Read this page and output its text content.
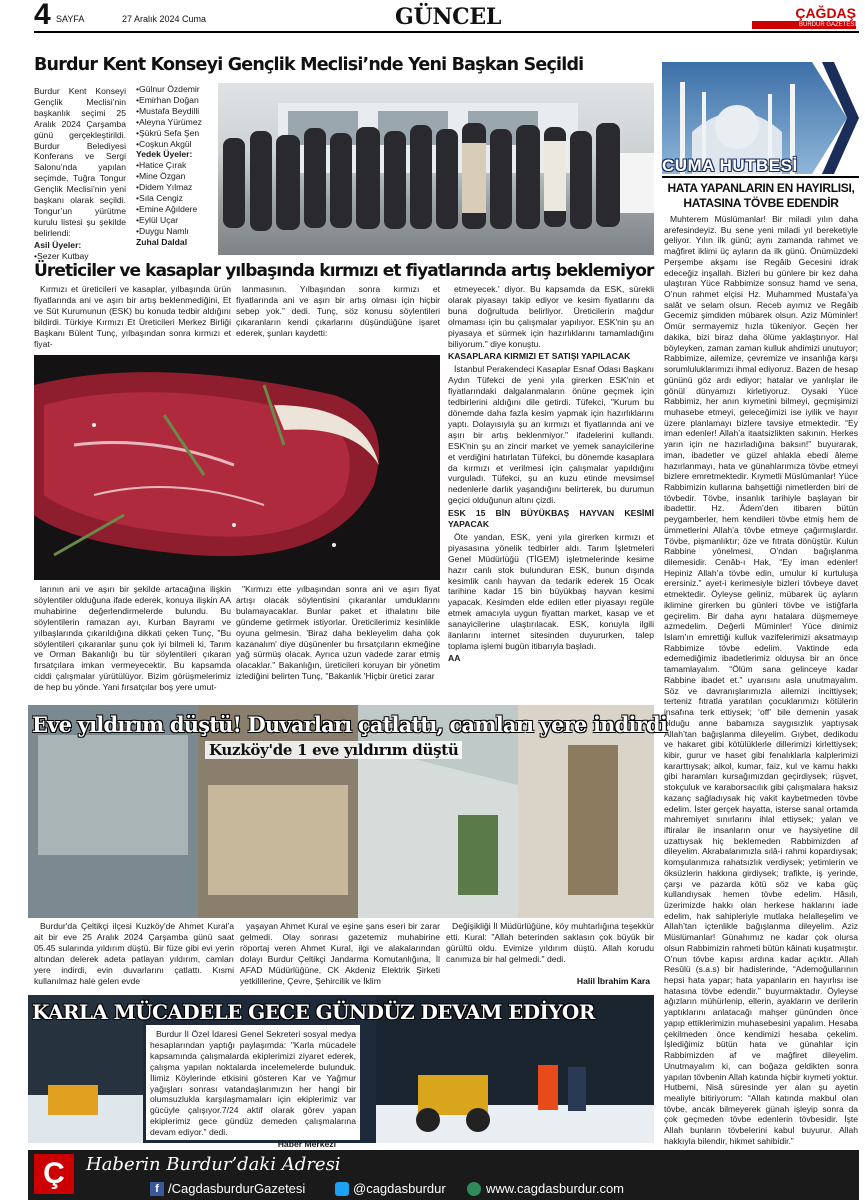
4 SAYFA	27 Aralık 2024 Cuma	GÜNCEL	ÇAĞDAŞ
BURDUR GAZETESİ
Burdur Kent Konseyi Gençlik Meclisi’nde Yeni Başkan Seçildi

Burdur Kent Konseyi Gençlik Meclisi’nin başkanlık seçimi 25 Aralık 2024 Çarşamba günü gerçekleştirildi. Burdur Belediyesi Konferans ve Sergi Salonu’nda yapılan seçimde, Tuğra Tongur Gençlik Meclisi’nin yeni başkanı olarak seçildi. Tongur’un yürütme kurulu listesi şu şekilde belirlendi:

Asil Üyeler:
•Sezer Kutbay
•Gülnur Özdemir
•Emirhan Doğan
•Mustafa Beydilli
•Aleyna Yürümez
•Şükrü Sefa Şen
•Coşkun Akgül
Yedek Üyeler:
•Hatice Çırak
•Mine Özgan
•Didem Yılmaz
•Sıla Cengiz
•Emine Ağıldere
•Eylül Uçar
•Duygu Namlı
Zuhal Daldal
CUMA HUTBESİ
HATA YAPANLARIN EN HAYIRLISI, HATASINA TÖVBE EDENDİR

Muhterem Müslümanlar! Bir miladi yılın daha arefesindeyiz. Bu sene yeni miladi yıl bereketiyle geliyor. Yılın ilk günü; aynı zamanda rahmet ve mağfiret iklimi üç ayların da ilk günü. Önümüzdeki Perşembe akşamı ise Regâib Gecesini idrak edeceğiz inşallah. Bizleri bu günlere bir kez daha ulaştıran Yüce Rabbimize sonsuz hamd ve sena, O’nun rahmet elçisi Hz. Muhammed Mustafa’ya salât ve selam olsun. Receb ayımız ve Regâib Gecemiz şimdiden mübarek olsun. Aziz Müminler! Ömür sermayemiz hızla tükeniyor. Geçen her dakika, bizi biraz daha ölüme yaklaştırıyor. Hal böyleyken, zaman zaman kulluk ahdimizi unutuyor; Rabbimize, ailemize, çevremize ve insanlığa karşı sorumluluklarımızı ihmal ediyoruz. Bazen de hesap gününü göz ardı ediyor; hatalar ve yanlışlar ile gönül dünyamızı kirletiyoruz. Oysaki Yüce Rabbimiz, her anın kıymetini bilmeyi, geçmişimizi muhasebe etmeyi, geleceğimizi ise iyilik ve hayır üzere planlamayı bizlere tavsiye etmektedir. “Ey iman edenler! Allah’a itaatsizlikten sakının. Herkes yarın için ne hazırladığına baksın!” buyurarak, iman, ibadetler ve güzel ahlakla ebedi âleme hazırlanmayı, hata ve günahlarımıza tövbe etmeyi bizlere emretmektedir. Kıymetli Müslümanlar! Yüce Rabbimizin kullarına bahşettiği nimetlerden biri de tövbedir. Tövbe, insanlık tarihiyle başlayan bir ibadettir. Hz. Âdem’den itibaren bütün peygamberler, hem kendileri tövbe etmiş hem de ümmetlerini Allah’a tövbe etmeye çağırmışlardır. Tövbe, pişmanlıktır; öze ve fıtrata dönüştür. Kulun Rabbine yönelmesi, O’ndan bağışlanma dilemesidir. Cenâb-ı Hak, “Ey iman edenler! Hepiniz Allah’a tövbe edin, umulur ki kurtuluşa erersiniz.” ayet-i kerimesiyle bizleri tövbeye davet etmektedir. Öyleyse geliniz, mübarek üç ayların iklimine girerken bu günleri tövbe ve istiğfarla geçirelim. Bir daha aynı hatalara düşmemeye azmedelim. Değerli Müminler! Yüce dinimiz İslam’ın emrettiği kulluk vazifelerimizi aksatmayıp Rabbimize tövbe edelim. Vaktinde eda edemediğimiz ibadetlerimiz olduysa bir an önce tamamlayalım. “Ölüm sana gelinceye kadar Rabbine ibadet et.” uyarısını asla unutmayalım. Söz ve davranışlarımızla ailemizi incittiysek; terteniz fıtratla yaratılan çocuklarımızı kötülerin insafına terk ettiysek; ‘off’ bile demenin yasak olduğu anne babamıza saygısızlık yaptıysak Allah’tan bağışlanma dileyelim. Gıybet, dedikodu ve hakaret gibi kötülüklerle dillerimizi kirlettiysek; kibir, gurur ve haset gibi fenalıklarla kalplerimizi kararttıysak; alkol, kumar, faiz, kul ve kamu hakkı gibi haramları kursağımızdan geçirdiysek; rüşvet, stokçuluk ve karaborsacılık gibi çalışmalara haksız kazanç sağladıysak hiç vakit kaybetmeden tövbe edelim. İster gerçek hayatta, isterse sanal ortamda mahremiyet sınırlarını ihlal ettiysek; yalan ve iftiralar ile insanların onur ve haysiyetine dil uzattıysak hiç beklemeden Rabbimizden af dileyelim. Akrabalarımızla sılâ-i rahmi kopardıysak; komşularımıza rahatsızlık verdiysek; yetimlerin ve öksüzlerin hakkına girdiysek; trafikte, iş yerinde, çarşı ve pazarda kötü söz ve kaba güç kullandıysak hemen tövbe edelim. Hâsılı, üzerimizde hakkı olan herkese haklarını iade edelim, hak sahipleriyle mutlaka helalleşelim ve Allah’tan içtenlikle bağışlanma dileyelim. Aziz Müslümanlar! Günahımız ne kadar çok olursa olsun Rabbimizin rahmeti bütün kâinatı kuşatmıştır. O’nun tövbe kapısı ardına kadar açıktır. Allah Resûlü (s.a.s) bir hadislerinde, “Ademoğullarının hepsi hata yapar; hata yapanların en hayırlısı ise hatasına tövbe edendir.” buyurmaktadır. Öyleyse ağızların mühürlenip, ellerin, ayakların ve derilerin yaptıklarını anlatacağı mahşer gününden önce yapıp ettiklerimizin muhasebesini yapalım. Hesaba çekilmeden önce kendimizi hesaba çekelim. İşlediğimiz bütün hata ve günahlar için Rabbimizden af ve mağfiret dileyelim. Unutmayalım ki, can boğaza geldikten sonra yapılan tövbenin Allah katında hiçbir kıymeti yoktur. Hutbemi, Nisâ süresinde yer alan şu ayetin mealiyle bitiriyorum: “Allah katında makbul olan tövbe, ancak bilmeyerek günah işleyip sonra da çok geçmeden tövbe edenlerin tövbesidir. İşte Allah bunların tövbelerini kabul buyurur. Allah hakkıyla bilendir, hikmet sahibidir.”

Üreticiler ve kasaplar yılbaşında kırmızı et fiyatlarında artış beklemiyor

Kırmızı et üreticileri ve kasaplar, yılbaşında ürün fiyatlarında ani ve aşırı bir artış beklenmediğini, Et ve Süt Kurumunun (ESK) bu konuda tedbir aldığını bildirdi. Türkiye Kırmızı Et Üreticileri Merkez Birliği Başkanı Bülent Tunç, yılbaşından sonra kırmızı et fiyat-

lanmasının. Yılbaşından sonra kırmızı et fiyatlarında ani ve aşırı bir artış olması için hiçbir sebep yok.” dedi. Tunç, söz konusu söylentileri çıkaranların kendi çıkarlarını düşündüğüne işaret ederek, şunları kaydetti:

larının ani ve aşırı bir şekilde artacağına ilişkin söylentiler olduğuna ifade ederek, konuya ilişkin AA muhabirine değerlendirmelerde bulundu. Bu söylentilerin ramazan ayı, Kurban Bayramı ve yılbaşlarında çıkarıldığına dikkati çeken Tunç, "Bu söylentileri çıkaranlar şunu çok iyi bilmeli ki, Tarım ve Orman Bakanlığı bu tür söylentileri çıkaran fırsatçılara imkan vermeyecektir. Bu kapsamda ciddi çalışmalar yürütülüyor. Bizim görüşmelerimiz de hep bu yönde. Yani fırsatçılar boş yere umut-

"Kırmızı ette yılbaşından sonra ani ve aşırı fiyat artışı olacak söylentisini çıkaranlar umduklarını bulamayacaklar. Bunlar paket et ithalatını bile gündeme getirmek istiyorlar. Üreticilerimiz kesinlikle oyuna gelmesin. 'Biraz daha bekleyelim daha çok kazanalım' diye düşünenler bu fırsatçıların ekmeğine yağ sürmüş olacak. Ayrıca uzun vadede zarar etmiş olacaklar." Bakanlığın, üreticileri koruyan bir yönetim izlediğini belirten Tunç, "Bakanlık 'Hiçbir üretici zarar

etmeyecek.' diyor. Bu kapsamda da ESK, sürekli olarak piyasayı takip ediyor ve kesim fiyatlarını da buna doğrultuda belirliyor. Üreticilerin mağdur olmaması için bu çalışmalar yapılıyor. ESK'nin şu an piyasaya et sürmek için hazırlıklarını tamamladığını biliyorum." diye konuştu.

KASAPLARA KIRMIZI ET SATIŞI YAPILACAK

İstanbul Perakendeci Kasaplar Esnaf Odası Başkanı Aydın Tüfekci de yeni yıla girerken ESK'nin et fiyatlarındaki dalgalanmaların önüne geçmek için tedbirlerini aldığını dile getirdi. Tüfekci, "Kurum bu dönemde daha fazla kesim yapmak için hazırlıklarını yaptı. Dolayısıyla şu an kırmızı et fiyatlarında ani ve aşırı bir artış beklenmiyor." ifadelerini kullandı. ESK'nin şu an zincir market ve yemek sanayicilerine et verdiğini hatırlatan Tüfekci, bu dönemde kasaplara da kırmızı et verilmesi için çalışmalar yapıldığını vurguladı. Tüfekci, şu an kuzu etinde mevsimsel nedenlerle darlık yaşandığını belirterek, bu durumun geçici olduğunun altını çizdi.

ESK 15 BİN BÜYÜKBAŞ HAYVAN KESİMİ YAPACAK

Öte yandan, ESK, yeni yıla girerken kırmızı et piyasasına yönelik tedbirler aldı. Tarım İşletmeleri Genel Müdürlüğü (TİGEM) işletmelerinde kesime hazır canlı stok bulunduran ESK, bunun dışında kesimlik canlı hayvan da tedarik ederek 15 Ocak tarihine kadar 15 bin büyükbaş hayvan kesimi yapacak. Kesimden elde edilen etler piyasayı regüle etmek amacıyla uygun fiyattan market, kasap ve et sanayicilerine ulaştırılacak. ESK, konuyla ilgili ilanlarını internet sitesinden duyururken, talep toplama işlemi bugün itibarıyla başladı.

AA
Eve yıldırım düştü! Duvarları çatlattı, camları yere indirdi
Kuzköy'de 1 eve yıldırım düştü

Burdur'da Çeltikçi ilçesi Kuzköy'de Ahmet Kural'a ait bir eve 25 Aralık 2024 Çarşamba günü saat 05.45 sularında yıldırım düştü. Bir füze gibi evi yerin altından delerek adeta patlayan yıldırım, camları yere indirdi, evin duvarlarını çatlattı. Kısmi kullanılmaz hale gelen evde

yaşayan Ahmet Kural ve eşine şans eseri bir zarar gelmedi. Olay sonrası gazetemiz muhabirine röportaj veren Ahmet Kural, ilgi ve alakalarından dolayı Burdur Çeltikçi Jandarma Komutanlığına, İl AFAD Müdürlüğüne, CK Akdeniz Elektrik Şirketi yetkililerine, Çevre, Şehircilik ve İklim

Değişikliği İl Müdürlüğüne, köy muhtarlığına teşekkür etti. Kural: "Allah beterinden saklasın çok büyük bir gürültü oldu. Evimize yıldırım düştü. Allah korudu canımıza bir hal gelmedi." dedi.

Halil İbrahim Kara
KARLA MÜCADELE GECE GÜNDÜZ DEVAM EDİYOR

Burdur İl Özel İdaresi Genel Sekreteri sosyal medya hesaplarından yaptığı paylaşımda: "Karla mücadele kapsamında çalışmalarda ekiplerimizi ziyaret ederek, çalışma yapılan noktalarda incelemelerde bulunduk. İlimiz Köylerinde etkisini gösteren Kar ve Yağmur yağışları sonrası vatandaşlarımızın her hangi bir olumsuzlukla karşılaşmamaları için ekiplerimiz var gücüyle çalışıyor.7/24 aktif olarak görev yapan ekiplerimiz gece gündüz demeden çalışmalarına devam ediyor." dedi.

Haber Merkezi
Ç	Haberin Burdur’daki Adresi
f /CagdasburdurGazetesi	@cagdasburdur	www.cagdasburdur.com
